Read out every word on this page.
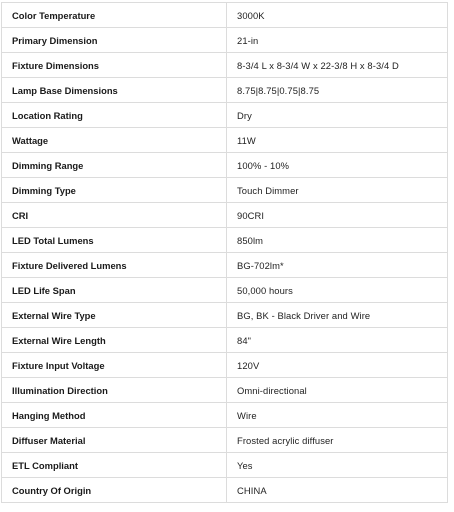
Color Temperature	3000K
Primary Dimension	21-in
Fixture Dimensions	8-3/4 L x 8-3/4 W x 22-3/8 H x 8-3/4 D
Lamp Base Dimensions	8.75|8.75|0.75|8.75
Location Rating	Dry
Wattage	11W
Dimming Range	100% - 10%
Dimming Type	Touch Dimmer
CRI	90CRI
LED Total Lumens	850lm
Fixture Delivered Lumens	BG-702lm*
LED Life Span	50,000 hours
External Wire Type	BG, BK - Black Driver and Wire
External Wire Length	84"
Fixture Input Voltage	120V
Illumination Direction	Omni-directional
Hanging Method	Wire
Diffuser Material	Frosted acrylic diffuser
ETL Compliant	Yes
Country Of Origin	CHINA
